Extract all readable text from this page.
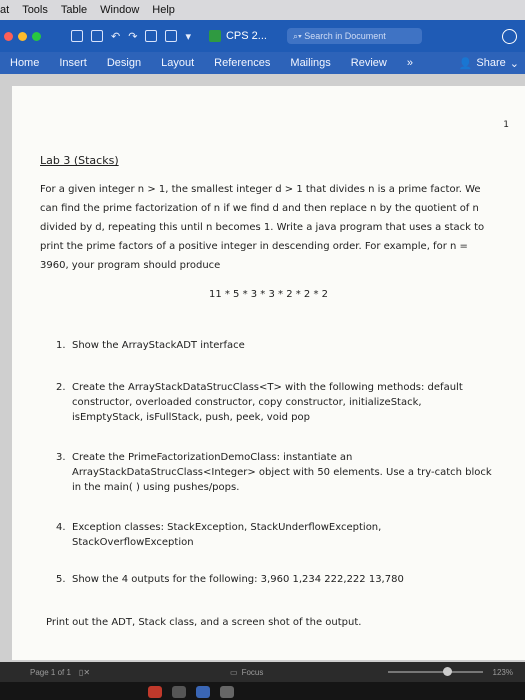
at Tools Table Window Help
↶ ↷	▾	CPS 2...	⌕▾ Search in Document
Home	Insert	Design	Layout	References	Mailings	Review	»	👤 Share ⌄
1
Lab 3 (Stacks)
For a given integer n > 1, the smallest integer d > 1 that divides n is a prime factor. We can find the prime factorization of n if we find d and then replace n by the quotient of n divided by d, repeating this until n becomes 1. Write a java program that uses a stack to print the prime factors of a positive integer in descending order. For example, for n = 3960, your program should produce
11 * 5 * 3 * 3 * 2 * 2 * 2
1. Show the ArrayStackADT interface
2. Create the ArrayStackDataStrucClass<T> with the following methods: default constructor, overloaded constructor, copy constructor, initializeStack, isEmptyStack, isFullStack, push, peek, void pop
3. Create the PrimeFactorizationDemoClass: instantiate an ArrayStackDataStrucClass<Integer> object with 50 elements. Use a try-catch block in the main( ) using pushes/pops.
4. Exception classes: StackException, StackUnderflowException, StackOverflowException
5. Show the 4 outputs for the following: 3,960 1,234 222,222 13,780
Print out the ADT, Stack class, and a screen shot of the output.
Page 1 of 1 ▯✕	▭ Focus	123%
